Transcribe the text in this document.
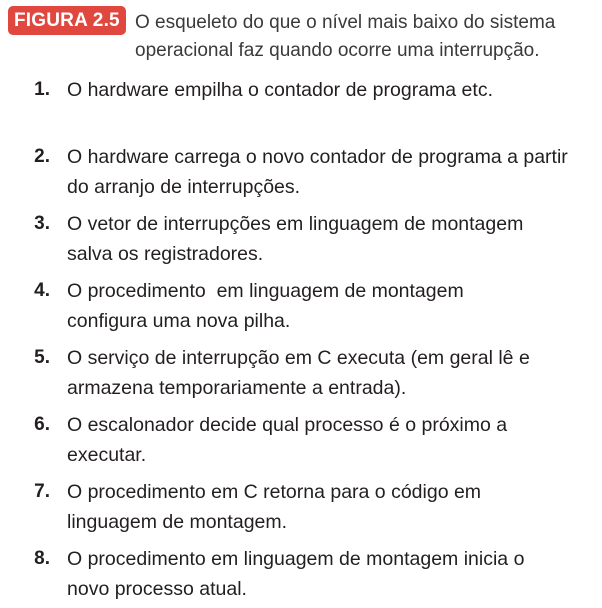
FIGURA 2.5 O esqueleto do que o nível mais baixo do sistema
operacional faz quando ocorre uma interrupção.
1. O hardware empilha o contador de programa etc.
2. O hardware carrega o novo contador de programa a partir
do arranjo de interrupções.
3. O vetor de interrupções em linguagem de montagem
salva os registradores.
4. O procedimento  em linguagem de montagem
configura uma nova pilha.
5. O serviço de interrupção em C executa (em geral lê e
armazena temporariamente a entrada).
6. O escalonador decide qual processo é o próximo a
executar.
7. O procedimento em C retorna para o código em
linguagem de montagem.
8. O procedimento em linguagem de montagem inicia o
novo processo atual.
